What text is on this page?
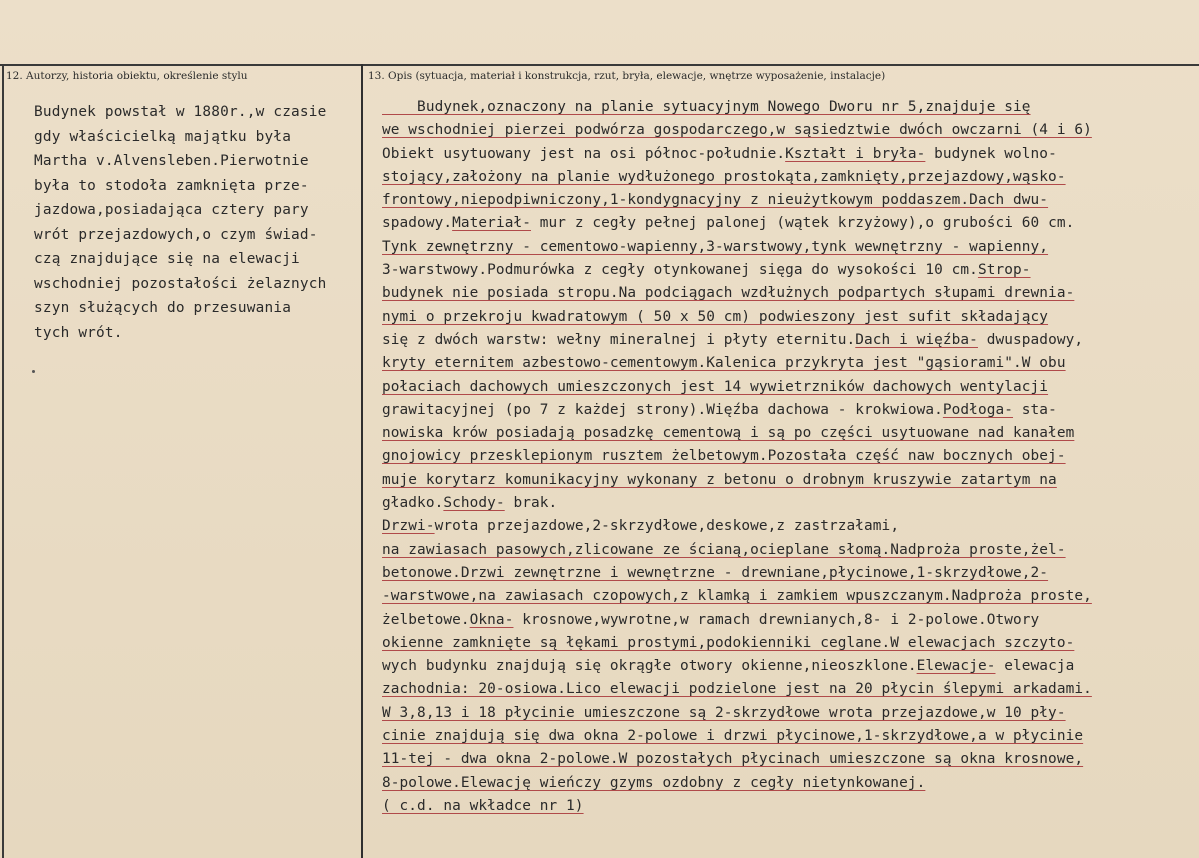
12. Autorzy, historia obiektu, określenie stylu	13. Opis (sytuacja, materiał i konstrukcja, rzut, bryła, elewacje, wnętrze wyposażenie, instalacje)
Budynek powstał w 1880r.,w czasie
gdy właścicielką majątku była
Martha v.Alvensleben.Pierwotnie
była to stodoła zamknięta prze-
jazdowa,posiadająca cztery pary
wrót przejazdowych,o czym świad-
czą znajdujące się na elewacji
wschodniej pozostałości żelaznych
szyn służących do przesuwania
tych wrót.
Budynek,oznaczony na planie sytuacyjnym Nowego Dworu nr 5,znajduje się
we wschodniej pierzei podwórza gospodarczego,w sąsiedztwie dwóch owczarni (4 i 6)
Obiekt usytuowany jest na osi północ-południe.Kształt i bryła- budynek wolno-
stojący,założony na planie wydłużonego prostokąta,zamknięty,przejazdowy,wąsko-
frontowy,niepodpiwniczony,1-kondygnacyjny z nieużytkowym poddaszem.Dach dwu-
spadowy.Materiał- mur z cegły pełnej palonej (wątek krzyżowy),o grubości 60 cm.
Tynk zewnętrzny - cementowo-wapienny,3-warstwowy,tynk wewnętrzny - wapienny,
3-warstwowy.Podmurówka z cegły otynkowanej sięga do wysokości 10 cm.Strop-
budynek nie posiada stropu.Na podciągach wzdłużnych podpartych słupami drewnia-
nymi o przekroju kwadratowym ( 50 x 50 cm) podwieszony jest sufit składający
się z dwóch warstw: wełny mineralnej i płyty eternitu.Dach i więźba- dwuspadowy,
kryty eternitem azbestowo-cementowym.Kalenica przykryta jest "gąsiorami".W obu
połaciach dachowych umieszczonych jest 14 wywietrzników dachowych wentylacji
grawitacyjnej (po 7 z każdej strony).Więźba dachowa - krokwiowa.Podłoga- sta-
nowiska krów posiadają posadzkę cementową i są po części usytuowane nad kanałem
gnojowicy przesklepionym rusztem żelbetowym.Pozostała część naw bocznych obej-
muje korytarz komunikacyjny wykonany z betonu o drobnym kruszywie zatartym na
gładko.Schody- brak.
Drzwi-wrota przejazdowe,2-skrzydłowe,deskowe,z zastrzałami,
na zawiasach pasowych,zlicowane ze ścianą,ocieplane słomą.Nadproża proste,żel-
betonowe.Drzwi zewnętrzne i wewnętrzne - drewniane,płycinowe,1-skrzydłowe,2-
-warstwowe,na zawiasach czopowych,z klamką i zamkiem wpuszczanym.Nadproża proste,
żelbetowe.Okna- krosnowe,wywrotne,w ramach drewnianych,8- i 2-polowe.Otwory
okienne zamknięte są łękami prostymi,podokienniki ceglane.W elewacjach szczyto-
wych budynku znajdują się okrągłe otwory okienne,nieoszklone.Elewacje- elewacja
zachodnia: 20-osiowa.Lico elewacji podzielone jest na 20 płycin ślepymi arkadami.
W 3,8,13 i 18 płycinie umieszczone są 2-skrzydłowe wrota przejazdowe,w 10 pły-
cinie znajdują się dwa okna 2-polowe i drzwi płycinowe,1-skrzydłowe,a w płycinie
11-tej - dwa okna 2-polowe.W pozostałych płycinach umieszczone są okna krosnowe,
8-polowe.Elewację wieńczy gzyms ozdobny z cegły nietynkowanej.
( c.d. na wkładce nr 1)
